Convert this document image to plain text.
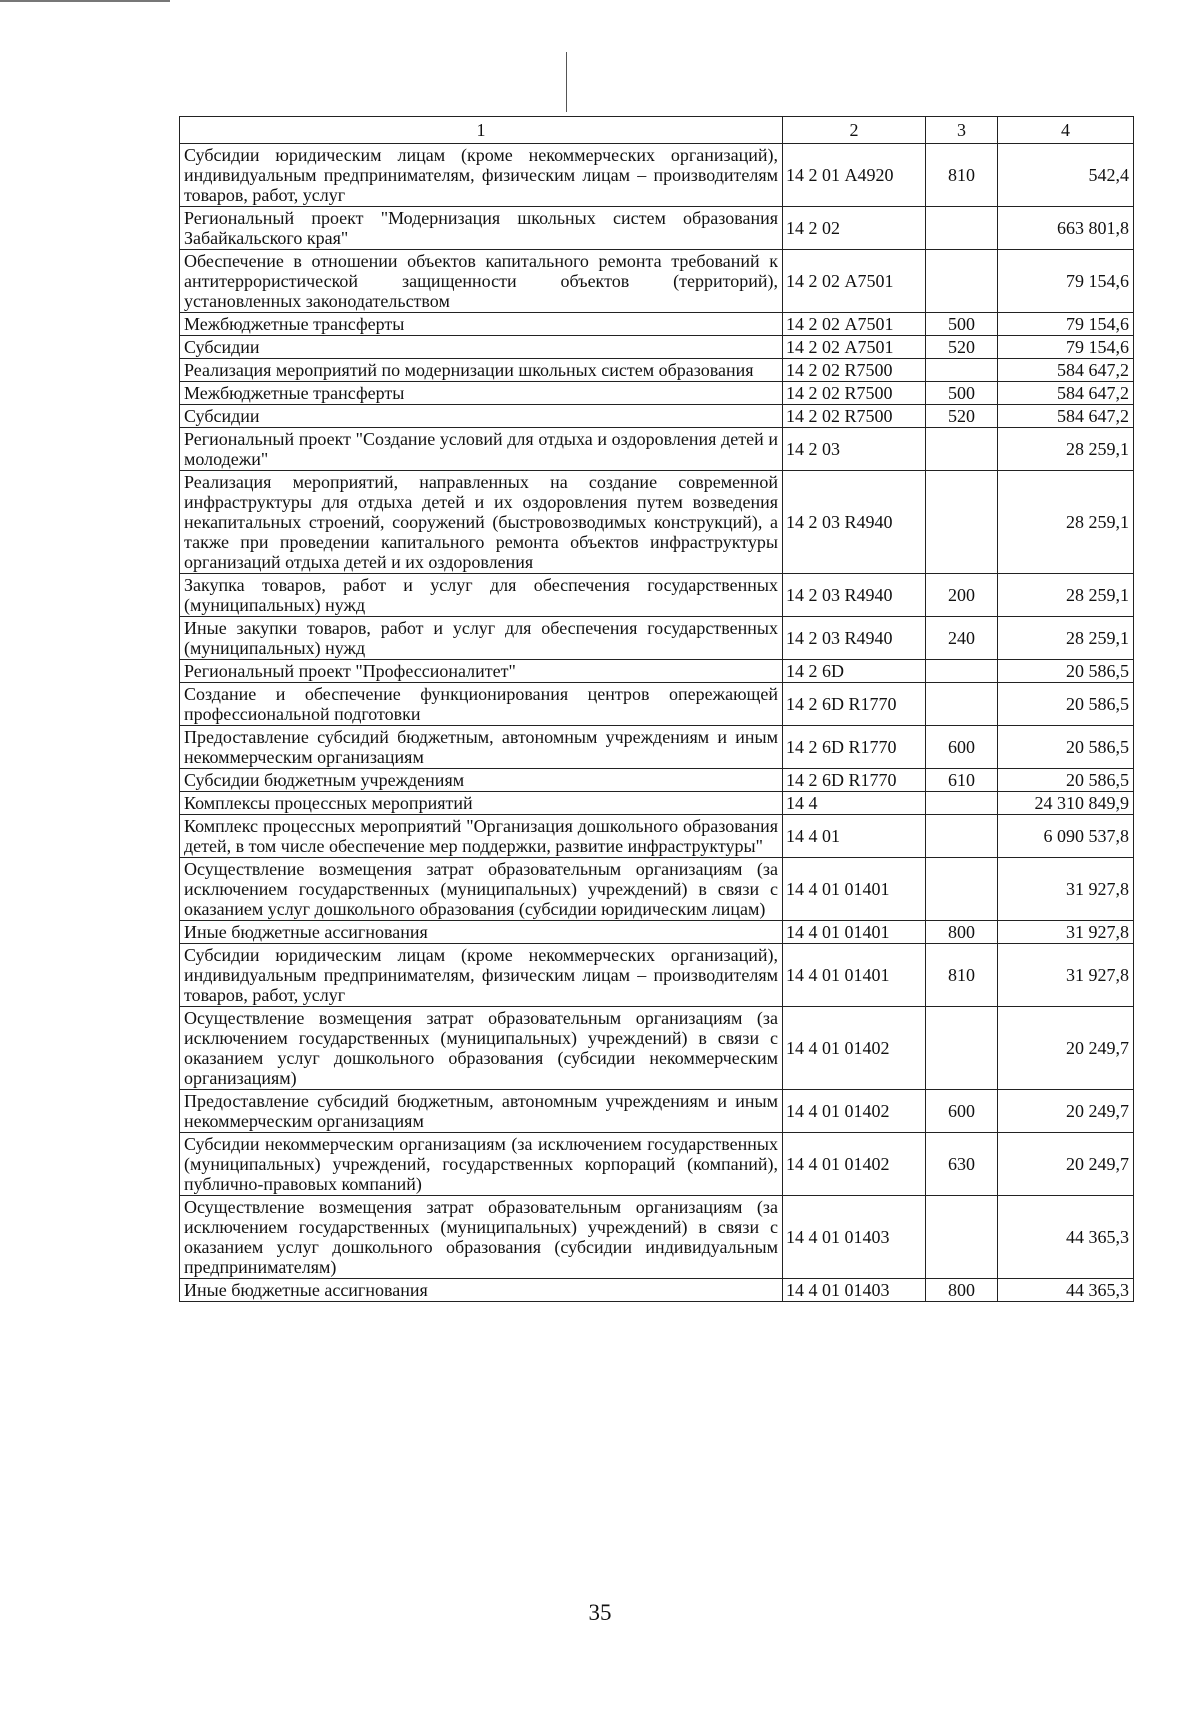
1	2	3	4
Субсидии юридическим лицам (кроме некоммерческих организаций), индивидуальным предпринимателям, физическим лицам – производителям товаров, работ, услуг	14 2 01 А4920	810	542,4
Региональный проект "Модернизация школьных систем образования Забайкальского края"	14 2 02		663 801,8
Обеспечение в отношении объектов капитального ремонта требований к антитеррористической защищенности объектов (территорий), установленных законодательством	14 2 02 А7501		79 154,6
Межбюджетные трансферты	14 2 02 А7501	500	79 154,6
Субсидии	14 2 02 А7501	520	79 154,6
Реализация мероприятий по модернизации школьных систем образования	14 2 02 R7500		584 647,2
Межбюджетные трансферты	14 2 02 R7500	500	584 647,2
Субсидии	14 2 02 R7500	520	584 647,2
Региональный проект "Создание условий для отдыха и оздоровления детей и молодежи"	14 2 03		28 259,1
Реализация мероприятий, направленных на создание современной инфраструктуры для отдыха детей и их оздоровления путем возведения некапитальных строений, сооружений (быстровозводимых конструкций), а также при проведении капитального ремонта объектов инфраструктуры организаций отдыха детей и их оздоровления	14 2 03 R4940		28 259,1
Закупка товаров, работ и услуг для обеспечения государственных (муниципальных) нужд	14 2 03 R4940	200	28 259,1
Иные закупки товаров, работ и услуг для обеспечения государственных (муниципальных) нужд	14 2 03 R4940	240	28 259,1
Региональный проект "Профессионалитет"	14 2 6D		20 586,5
Создание и обеспечение функционирования центров опережающей профессиональной подготовки	14 2 6D R1770		20 586,5
Предоставление субсидий бюджетным, автономным учреждениям и иным некоммерческим организациям	14 2 6D R1770	600	20 586,5
Субсидии бюджетным учреждениям	14 2 6D R1770	610	20 586,5
Комплексы процессных мероприятий	14 4		24 310 849,9
Комплекс процессных мероприятий "Организация дошкольного образования детей, в том числе обеспечение мер поддержки, развитие инфраструктуры"	14 4 01		6 090 537,8
Осуществление возмещения затрат образовательным организациям (за исключением государственных (муниципальных) учреждений) в связи с оказанием услуг дошкольного образования (субсидии юридическим лицам)	14 4 01 01401		31 927,8
Иные бюджетные ассигнования	14 4 01 01401	800	31 927,8
Субсидии юридическим лицам (кроме некоммерческих организаций), индивидуальным предпринимателям, физическим лицам – производителям товаров, работ, услуг	14 4 01 01401	810	31 927,8
Осуществление возмещения затрат образовательным организациям (за исключением государственных (муниципальных) учреждений) в связи с оказанием услуг дошкольного образования (субсидии некоммерческим организациям)	14 4 01 01402		20 249,7
Предоставление субсидий бюджетным, автономным учреждениям и иным некоммерческим организациям	14 4 01 01402	600	20 249,7
Субсидии некоммерческим организациям (за исключением государственных (муниципальных) учреждений, государственных корпораций (компаний), публично-правовых компаний)	14 4 01 01402	630	20 249,7
Осуществление возмещения затрат образовательным организациям (за исключением государственных (муниципальных) учреждений) в связи с оказанием услуг дошкольного образования (субсидии индивидуальным предпринимателям)	14 4 01 01403		44 365,3
Иные бюджетные ассигнования	14 4 01 01403	800	44 365,3
35
